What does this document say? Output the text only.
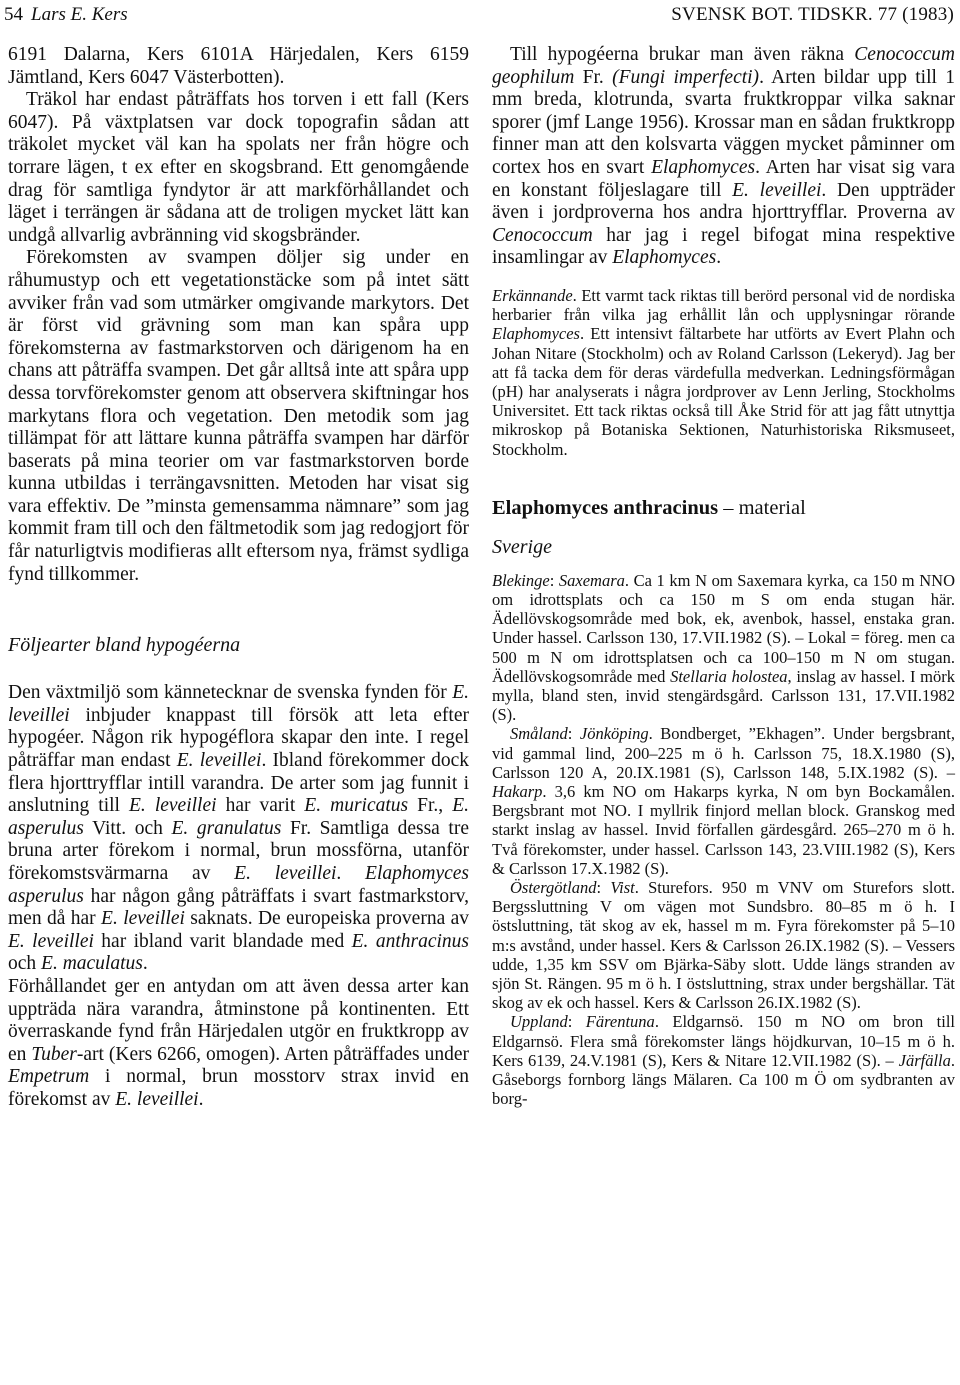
54 Lars E. Kers	SVENSK BOT. TIDSKR. 77 (1983)

6191 Dalarna, Kers 6101A Härjedalen, Kers 6159 Jämtland, Kers 6047 Västerbotten).

Träkol har endast påträffats hos torven i ett fall (Kers 6047). På växtplatsen var dock topografin sådan att träkolet mycket väl kan ha spolats ner från högre och torrare lägen, t ex efter en skogsbrand. Ett genomgående drag för samtliga fyndytor är att markförhållandet och läget i terrängen är sådana att de troligen mycket lätt kan undgå allvarlig avbränning vid skogsbränder.

Förekomsten av svampen döljer sig under en råhumustyp och ett vegetationstäcke som på intet sätt avviker från vad som utmärker omgivande markytors. Det är först vid grävning som man kan spåra upp förekomsterna av fastmarkstorven och därigenom ha en chans att påträffa svampen. Det går alltså inte att spåra upp dessa torvförekomster genom att observera skiftningar hos markytans flora och vegetation. Den metodik som jag tillämpat för att lättare kunna påträffa svampen har därför baserats på mina teorier om var fastmarkstorven borde kunna utbildas i terrängavsnitten. Metoden har visat sig vara effektiv. De ”minsta gemensamma nämnare” som jag kommit fram till och den fältmetodik som jag redogjort för får naturligtvis modifieras allt eftersom nya, främst sydliga fynd tillkommer.

Följearter bland hypogéerna

Den växtmiljö som kännetecknar de svenska fynden för E. leveillei inbjuder knappast till försök att leta efter hypogéer. Någon rik hypogéflora skapar den inte. I regel påträffar man endast E. leveillei. Ibland förekommer dock flera hjorttryfflar intill varandra. De arter som jag funnit i anslutning till E. leveillei har varit E. muricatus Fr., E. asperulus Vitt. och E. granulatus Fr. Samtliga dessa tre bruna arter förekom i normal, brun mossförna, utanför förekomstsvärmarna av E. leveillei. Elaphomyces asperulus har någon gång påträffats i svart fastmarkstorv, men då har E. leveillei saknats. De europeiska proverna av E. leveillei har ibland varit blandade med E. anthracinus och E. maculatus.

Förhållandet ger en antydan om att även dessa arter kan uppträda nära varandra, åtminstone på kontinenten. Ett överraskande fynd från Härjedalen utgör en fruktkropp av en Tuber-art (Kers 6266, omogen). Arten påträffades under Empetrum i normal, brun mosstorv strax invid en förekomst av E. leveillei.

Till hypogéerna brukar man även räkna Cenococcum geophilum Fr. (Fungi imperfecti). Arten bildar upp till 1 mm breda, klotrunda, svarta fruktkroppar vilka saknar sporer (jmf Lange 1956). Krossar man en sådan fruktkropp finner man att den kolsvarta väggen mycket påminner om cortex hos en svart Elaphomyces. Arten har visat sig vara en konstant följeslagare till E. leveillei. Den uppträder även i jordproverna hos andra hjorttryfflar. Proverna av Cenococcum har jag i regel bifogat mina respektive insamlingar av Elaphomyces.

Erkännande. Ett varmt tack riktas till berörd personal vid de nordiska herbarier från vilka jag erhållit lån och upplysningar rörande Elaphomyces. Ett intensivt fältarbete har utförts av Evert Plahn och Johan Nitare (Stockholm) och av Roland Carlsson (Lekeryd). Jag ber att få tacka dem för deras värdefulla medverkan. Ledningsförmågan (pH) har analyserats i några jordprover av Lenn Jerling, Stockholms Universitet. Ett tack riktas också till Åke Strid för att jag fått utnyttja mikroskop på Botaniska Sektionen, Naturhistoriska Riksmuseet, Stockholm.

Elaphomyces anthracinus – material
Sverige

Blekinge: Saxemara. Ca 1 km N om Saxemara kyrka, ca 150 m NNO om idrottsplats och ca 150 m S om enda stugan här. Ädellövskogsområde med bok, ek, avenbok, hassel, enstaka gran. Under hassel. Carlsson 130, 17.VII.1982 (S). – Lokal = föreg. men ca 500 m N om idrottsplatsen och ca 100–150 m N om stugan. Ädellövskogsområde med Stellaria holostea, inslag av hassel. I mörk mylla, bland sten, invid stengärdsgård. Carlsson 131, 17.VII.1982 (S).

Småland: Jönköping. Bondberget, ”Ekhagen”. Under bergsbrant, vid gammal lind, 200–225 m ö h. Carlsson 75, 18.X.1980 (S), Carlsson 120 A, 20.IX.1981 (S), Carlsson 148, 5.IX.1982 (S). – Hakarp. 3,6 km NO om Hakarps kyrka, N om byn Bockamålen. Bergsbrant mot NO. I myllrik finjord mellan block. Granskog med starkt inslag av hassel. Invid förfallen gärdesgård. 265–270 m ö h. Två förekomster, under hassel. Carlsson 143, 23.VIII.1982 (S), Kers & Carlsson 17.X.1982 (S).

Östergötland: Vist. Sturefors. 950 m VNV om Sturefors slott. Bergssluttning V om vägen mot Sundsbro. 80–85 m ö h. I östsluttning, tät skog av ek, hassel m m. Fyra förekomster på 5–10 m:s avstånd, under hassel. Kers & Carlsson 26.IX.1982 (S). – Vessers udde, 1,35 km SSV om Bjärka-Säby slott. Udde längs stranden av sjön St. Rängen. 95 m ö h. I östsluttning, strax under bergshällar. Tät skog av ek och hassel. Kers & Carlsson 26.IX.1982 (S).

Uppland: Färentuna. Eldgarnsö. 150 m NO om bron till Eldgarnsö. Flera små förekomster längs höjdkurvan, 10–15 m ö h. Kers 6139, 24.V.1981 (S), Kers & Nitare 12.VII.1982 (S). – Järfälla. Gåseborgs fornborg längs Mälaren. Ca 100 m Ö om sydbranten av borg-
